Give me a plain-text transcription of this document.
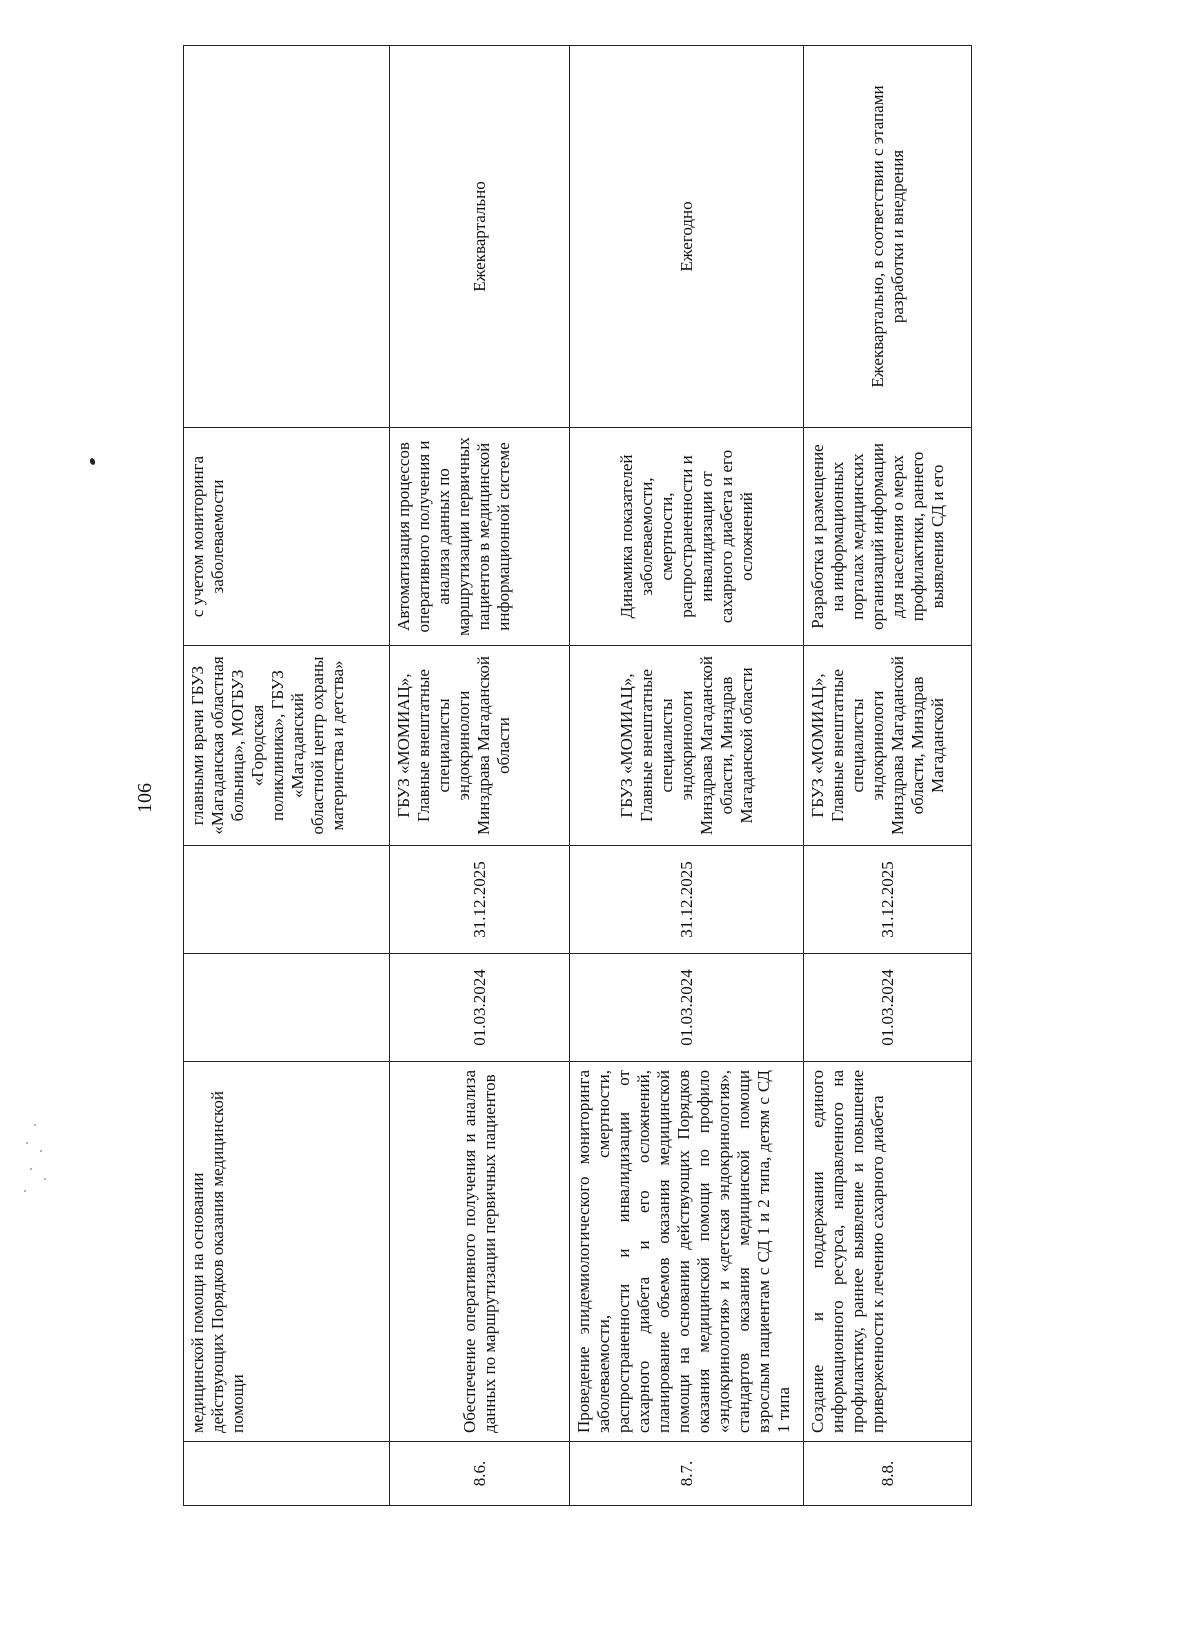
106
	медицинской помощи на основании действующих Порядков оказания медицинской помощи			главными врачи ГБУЗ «Магаданская областная больница», МОГБУЗ «Городская поликлиника», ГБУЗ «Магаданский областной центр охраны материнства и детства»	с учетом мониторинга заболеваемости	
8.6.	Обеспечение оперативного получения и анализа данных по маршрутизации первичных пациентов	01.03.2024	31.12.2025	ГБУЗ «МОМИАЦ», Главные внештатные специалисты эндокринологи Минздрава Магаданской области	Автоматизация процессов оперативного получения и анализа данных по маршрутизации первичных пациентов в медицинской информационной системе	Ежеквартально
8.7.	Проведение эпидемиологического мониторинга заболеваемости, смертности, распространенности и инвалидизации от сахарного диабета и его осложнений, планирование объемов оказания медицинской помощи на основании действующих Порядков оказания медицинской помощи по профило «эндокринология» и «детская эндокринология», стандартов оказания медицинской помощи взрослым пациентам с СД 1 и 2 типа, детям с СД 1 типа	01.03.2024	31.12.2025	ГБУЗ «МОМИАЦ», Главные внештатные специалисты эндокринологи Минздрава Магаданской области, Минздрав Магаданской области	Динамика показателей заболеваемости, смертности, распространенности и инвалидизации от сахарного диабета и его осложнений	Ежегодно
8.8.	Создание и поддержании единого информационного ресурса, направленного на профилактику, раннее выявление и повышение приверженности к лечению сахарного диабета	01.03.2024	31.12.2025	ГБУЗ «МОМИАЦ», Главные внештатные специалисты эндокринологи Минздрава Магаданской области, Минздрав Магаданской	Разработка и размещение на информационных порталах медицинских организаций информации для населения о мерах профилактики, раннего выявления СД и его	Ежеквартально, в соответствии с этапами разработки и внедрения
